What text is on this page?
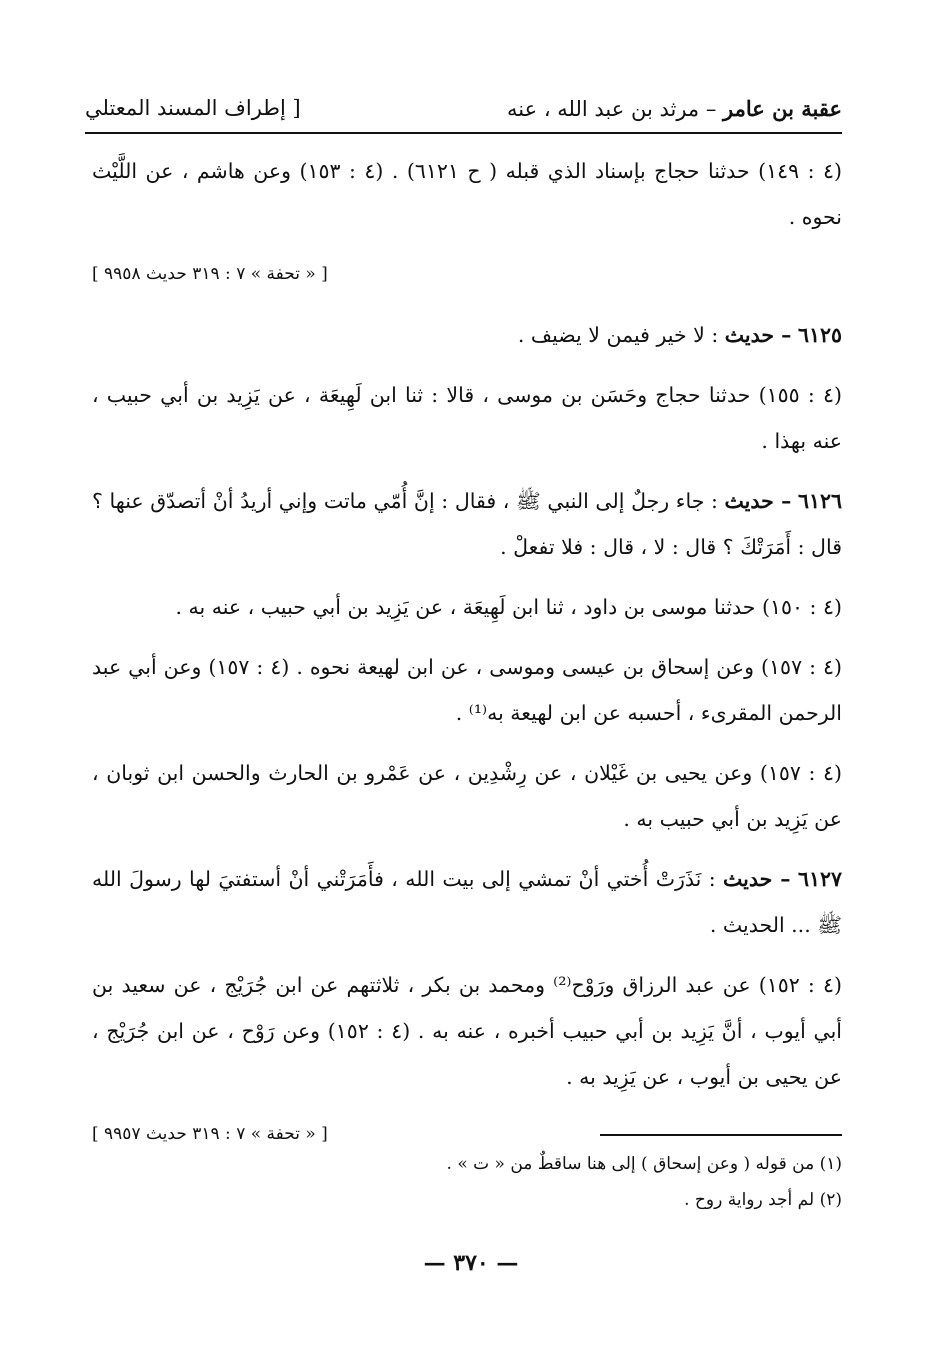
عقبة بن عامر – مرثد بن عبد الله ، عنه
[ إطراف المسند المعتلي

(٤ : ١٤٩) حدثنا حجاج بإسناد الذي قبله ( ح ٦١٢١) . (٤ : ١٥٣) وعن هاشم ، عن اللَّيْث نحوه .

[ « تحفة » ٧ : ٣١٩ حديث ٩٩٥٨ ]

٦١٢٥ – حديث : لا خير فيمن لا يضيف .

(٤ : ١٥٥) حدثنا حجاج وحَسَن بن موسى ، قالا : ثنا ابن لَهِيعَة ، عن يَزِيد بن أبي حبيب ، عنه بهذا .

٦١٢٦ – حديث : جاء رجلٌ إلى النبي ﷺ ، فقال : إنَّ أُمّي ماتت وإني أريدُ أنْ أتصدّق عنها ؟ قال : أَمَرَتْكَ ؟ قال : لا ، قال : فلا تفعلْ .

(٤ : ١٥٠) حدثنا موسى بن داود ، ثنا ابن لَهِيعَة ، عن يَزِيد بن أبي حبيب ، عنه به .

(٤ : ١٥٧) وعن إسحاق بن عيسى وموسى ، عن ابن لهيعة نحوه . (٤ : ١٥٧) وعن أبي عبد الرحمن المقرىء ، أحسبه عن ابن لهيعة به⁽¹⁾ .

(٤ : ١٥٧) وعن يحيى بن غَيْلان ، عن رِشْدِين ، عن عَمْرو بن الحارث والحسن ابن ثوبان ، عن يَزِيد بن أبي حبيب به .

٦١٢٧ – حديث : نَذَرَتْ أُختي أنْ تمشي إلى بيت الله ، فأَمَرَتْني أنْ أستفتيَ لها رسولَ الله ﷺ ... الحديث .

(٤ : ١٥٢) عن عبد الرزاق ورَوْح⁽²⁾ ومحمد بن بكر ، ثلاثتهم عن ابن جُرَيْج ، عن سعيد بن أبي أيوب ، أنَّ يَزِيد بن أبي حبيب أخبره ، عنه به . (٤ : ١٥٢) وعن رَوْح ، عن ابن جُرَيْج ، عن يحيى بن أيوب ، عن يَزِيد به .

[ « تحفة » ٧ : ٣١٩ حديث ٩٩٥٧ ]

(١) من قوله ( وعن إسحاق ) إلى هنا ساقطٌ من « ت » .
(٢) لم أجد رواية روح .
— ٣٧٠ —
